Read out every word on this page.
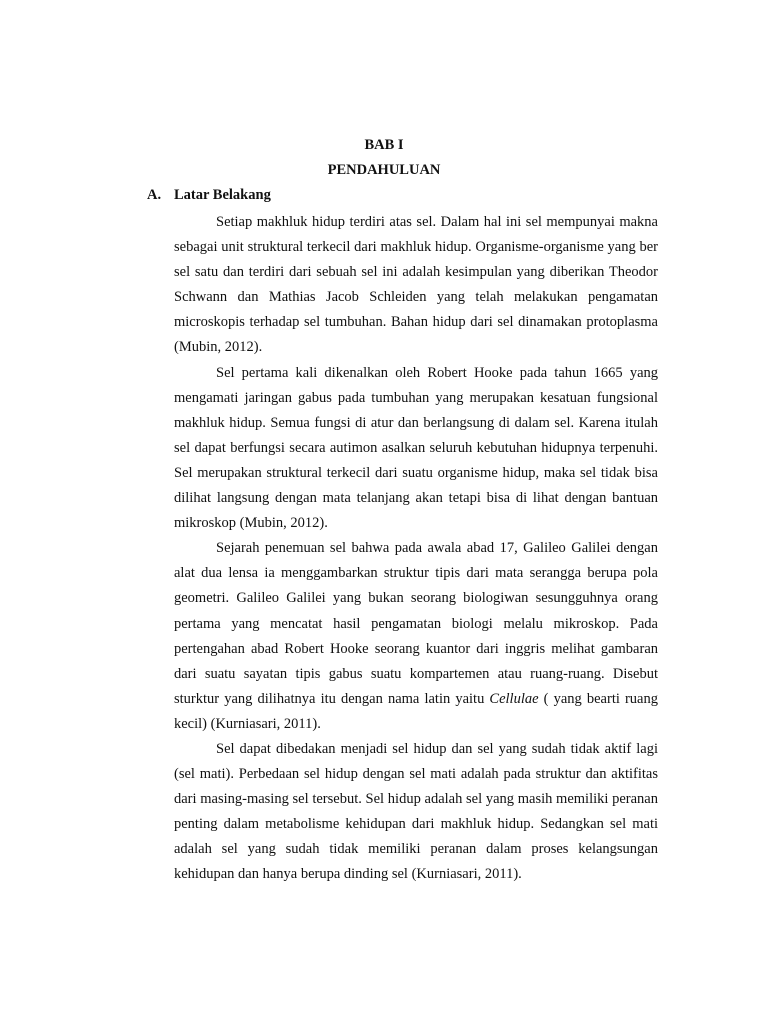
BAB I
PENDAHULUAN
A. Latar Belakang

Setiap makhluk hidup terdiri atas sel. Dalam hal ini sel mempunyai makna sebagai unit struktural terkecil dari makhluk hidup. Organisme-organisme yang ber sel satu dan terdiri dari sebuah sel ini adalah kesimpulan yang diberikan Theodor Schwann dan Mathias Jacob Schleiden yang telah melakukan pengamatan microskopis terhadap sel tumbuhan. Bahan hidup dari sel dinamakan protoplasma (Mubin, 2012).

Sel pertama kali dikenalkan oleh Robert Hooke pada tahun 1665 yang mengamati jaringan gabus pada tumbuhan yang merupakan kesatuan fungsional makhluk hidup. Semua fungsi di atur dan berlangsung di dalam sel. Karena itulah sel dapat berfungsi secara autimon asalkan seluruh kebutuhan hidupnya terpenuhi. Sel merupakan struktural terkecil dari suatu organisme hidup, maka sel tidak bisa dilihat langsung dengan mata telanjang akan tetapi bisa di lihat dengan bantuan mikroskop (Mubin, 2012).

Sejarah penemuan sel bahwa pada awala abad 17, Galileo Galilei dengan alat dua lensa ia menggambarkan struktur tipis dari mata serangga berupa pola geometri. Galileo Galilei yang bukan seorang biologiwan sesungguhnya orang pertama yang mencatat hasil pengamatan biologi melalu mikroskop. Pada pertengahan abad Robert Hooke seorang kuantor dari inggris melihat gambaran dari suatu sayatan tipis gabus suatu kompartemen atau ruang-ruang. Disebut sturktur yang dilihatnya itu dengan nama latin yaitu Cellulae ( yang bearti ruang kecil) (Kurniasari, 2011).

Sel dapat dibedakan menjadi sel hidup dan sel yang sudah tidak aktif lagi (sel mati). Perbedaan sel hidup dengan sel mati adalah pada struktur dan aktifitas dari masing-masing sel tersebut. Sel hidup adalah sel yang masih memiliki peranan penting dalam metabolisme kehidupan dari makhluk hidup. Sedangkan sel mati adalah sel yang sudah tidak memiliki peranan dalam proses kelangsungan kehidupan dan hanya berupa dinding sel (Kurniasari, 2011).
